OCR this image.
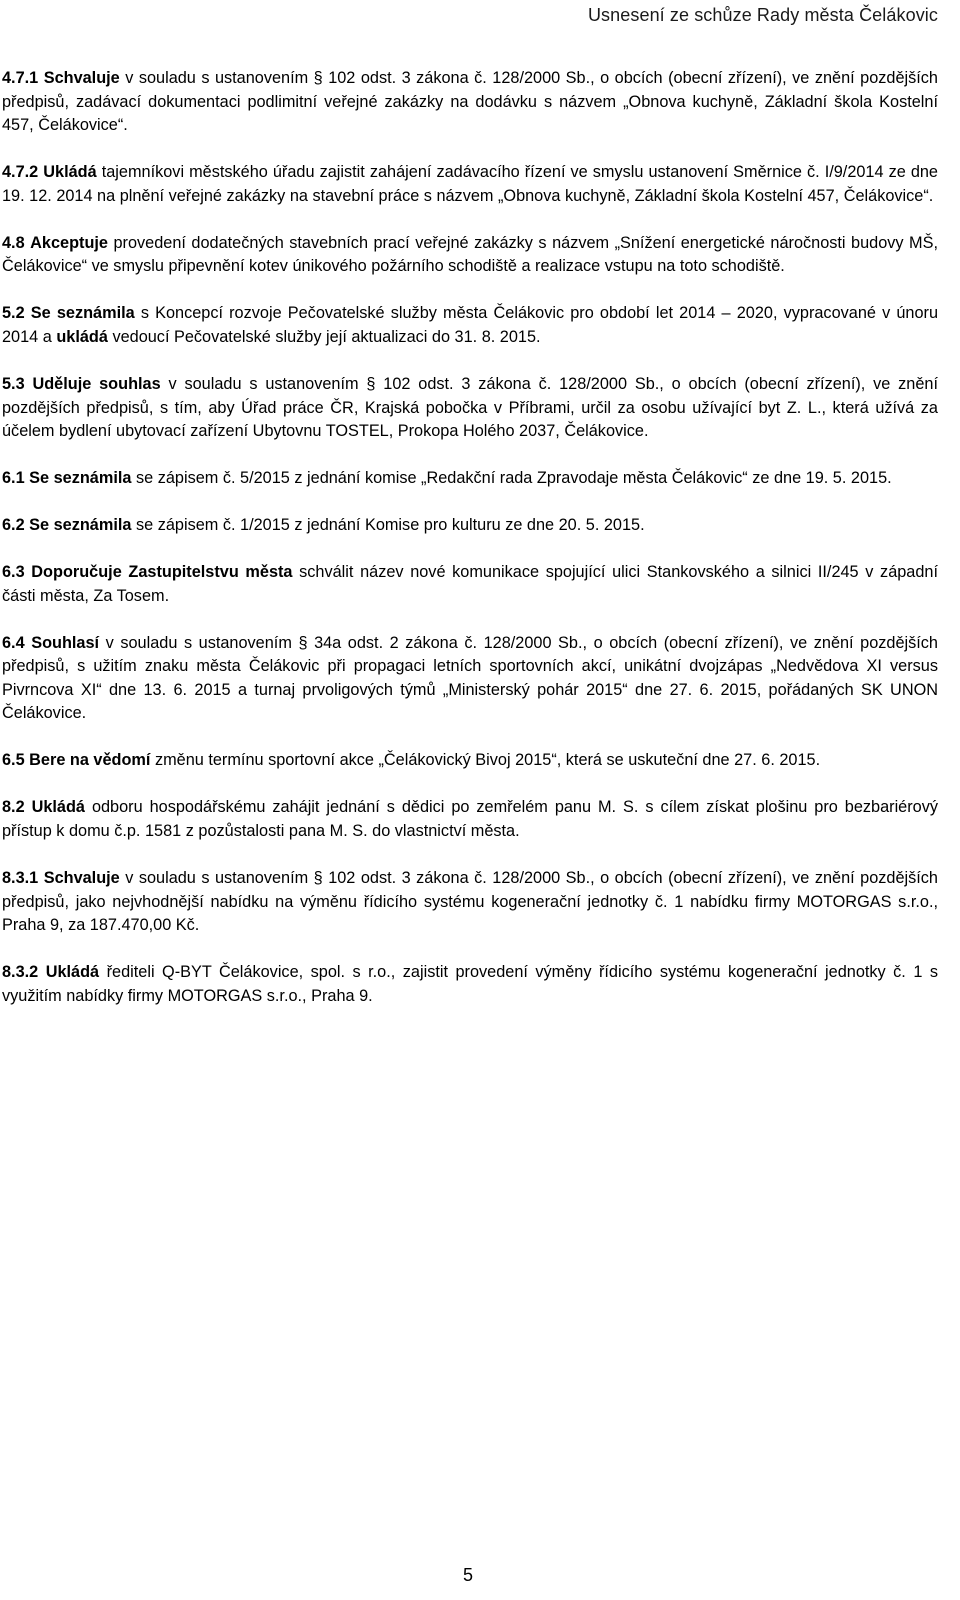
Usnesení ze schůze Rady města Čelákovic

4.7.1 Schvaluje v souladu s ustanovením § 102 odst. 3 zákona č. 128/2000 Sb., o obcích (obecní zřízení), ve znění pozdějších předpisů, zadávací dokumentaci podlimitní veřejné zakázky na dodávku s názvem „Obnova kuchyně, Základní škola Kostelní 457, Čelákovice“.

4.7.2 Ukládá tajemníkovi městského úřadu zajistit zahájení zadávacího řízení ve smyslu ustanovení Směrnice č. I/9/2014 ze dne 19. 12. 2014 na plnění veřejné zakázky na stavební práce s názvem „Obnova kuchyně, Základní škola Kostelní 457, Čelákovice“.

4.8 Akceptuje provedení dodatečných stavebních prací veřejné zakázky s názvem „Snížení energetické náročnosti budovy MŠ, Čelákovice“ ve smyslu připevnění kotev únikového požárního schodiště a realizace vstupu na toto schodiště.

5.2 Se seznámila s Koncepcí rozvoje Pečovatelské služby města Čelákovic pro období let 2014 – 2020, vypracované v únoru 2014 a ukládá vedoucí Pečovatelské služby její aktualizaci do 31. 8. 2015.

5.3 Uděluje souhlas v souladu s ustanovením § 102 odst. 3 zákona č. 128/2000 Sb., o obcích (obecní zřízení), ve znění pozdějších předpisů, s tím, aby Úřad práce ČR, Krajská pobočka v Příbrami, určil za osobu užívající byt Z. L., která užívá za účelem bydlení ubytovací zařízení Ubytovnu TOSTEL, Prokopa Holého 2037, Čelákovice.

6.1 Se seznámila se zápisem č. 5/2015 z jednání komise „Redakční rada Zpravodaje města Čelákovic“ ze dne 19. 5. 2015.

6.2 Se seznámila se zápisem č. 1/2015 z jednání Komise pro kulturu ze dne 20. 5. 2015.

6.3 Doporučuje Zastupitelstvu města schválit název nové komunikace spojující ulici Stankovského a silnici II/245 v západní části města, Za Tosem.

6.4 Souhlasí v souladu s ustanovením § 34a odst. 2 zákona č. 128/2000 Sb., o obcích (obecní zřízení), ve znění pozdějších předpisů, s užitím znaku města Čelákovic při propagaci letních sportovních akcí, unikátní dvojzápas „Nedvědova XI versus Pivrncova XI“ dne 13. 6. 2015 a turnaj prvoligových týmů „Ministerský pohár 2015“ dne 27. 6. 2015, pořádaných SK UNON Čelákovice.

6.5 Bere na vědomí změnu termínu sportovní akce „Čelákovický Bivoj 2015“, která se uskuteční dne 27. 6. 2015.

8.2 Ukládá odboru hospodářskému zahájit jednání s dědici po zemřelém panu M. S. s cílem získat plošinu pro bezbariérový přístup k domu č.p. 1581 z pozůstalosti pana M. S. do vlastnictví města.

8.3.1 Schvaluje v souladu s ustanovením § 102 odst. 3 zákona č. 128/2000 Sb., o obcích (obecní zřízení), ve znění pozdějších předpisů, jako nejvhodnější nabídku na výměnu řídicího systému kogenerační jednotky č. 1 nabídku firmy MOTORGAS s.r.o., Praha 9, za 187.470,00 Kč.

8.3.2 Ukládá řediteli Q-BYT Čelákovice, spol. s r.o., zajistit provedení výměny řídicího systému kogenerační jednotky č. 1 s využitím nabídky firmy MOTORGAS s.r.o., Praha 9.

5
